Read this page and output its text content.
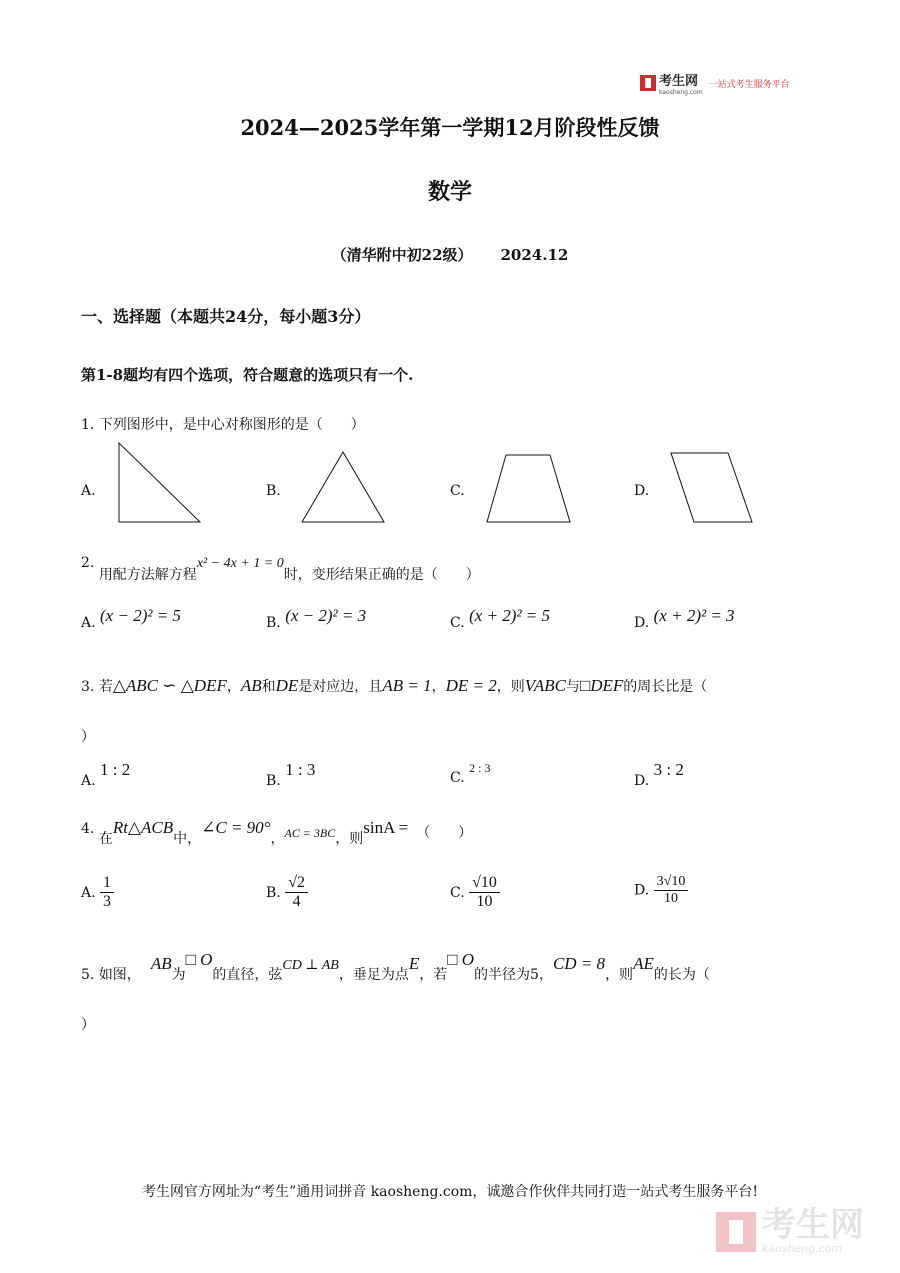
考生网
kaosheng.com
一站式考生服务平台
2024—2025学年第一学期12月阶段性反馈
数学
（清华附中初22级） 2024.12
一、选择题（本题共24分，每小题3分）
第1-8题均有四个选项，符合题意的选项只有一个.
1. 下列图形中，是中心对称图形的是（　　）
A.	B.	C.	D.
2. 用配方法解方程x² − 4x + 1 = 0时，变形结果正确的是（　　）
A. (x − 2)² = 5	B. (x − 2)² = 3	C. (x + 2)² = 5	D. (x + 2)² = 3
3. 若△ABC ∽ △DEF，AB和DE是对应边，且AB = 1，DE = 2，则VABC与□DEF的周长比是（
）
A. 1 : 2
B. 1 : 3	C. 2 : 3
D. 3 : 2
4. 在Rt△ACB中，∠C = 90°，AC = 3BC，则sinA = （　　）
A. $\frac{1}{3}$	B. $\frac{√2}{4}$	C. $\frac{√10}{10}$	D. $\frac{3√10}{10}$
5. 如图，AB为□ O的直径，弦CD ⊥ AB，垂足为点E，若□ O的半径为5，CD = 8，则AE的长为（
）
考生网官方网址为“考生”通用词拼音 kaosheng.com，诚邀合作伙伴共同打造一站式考生服务平台!
考生网
kaosheng.com
